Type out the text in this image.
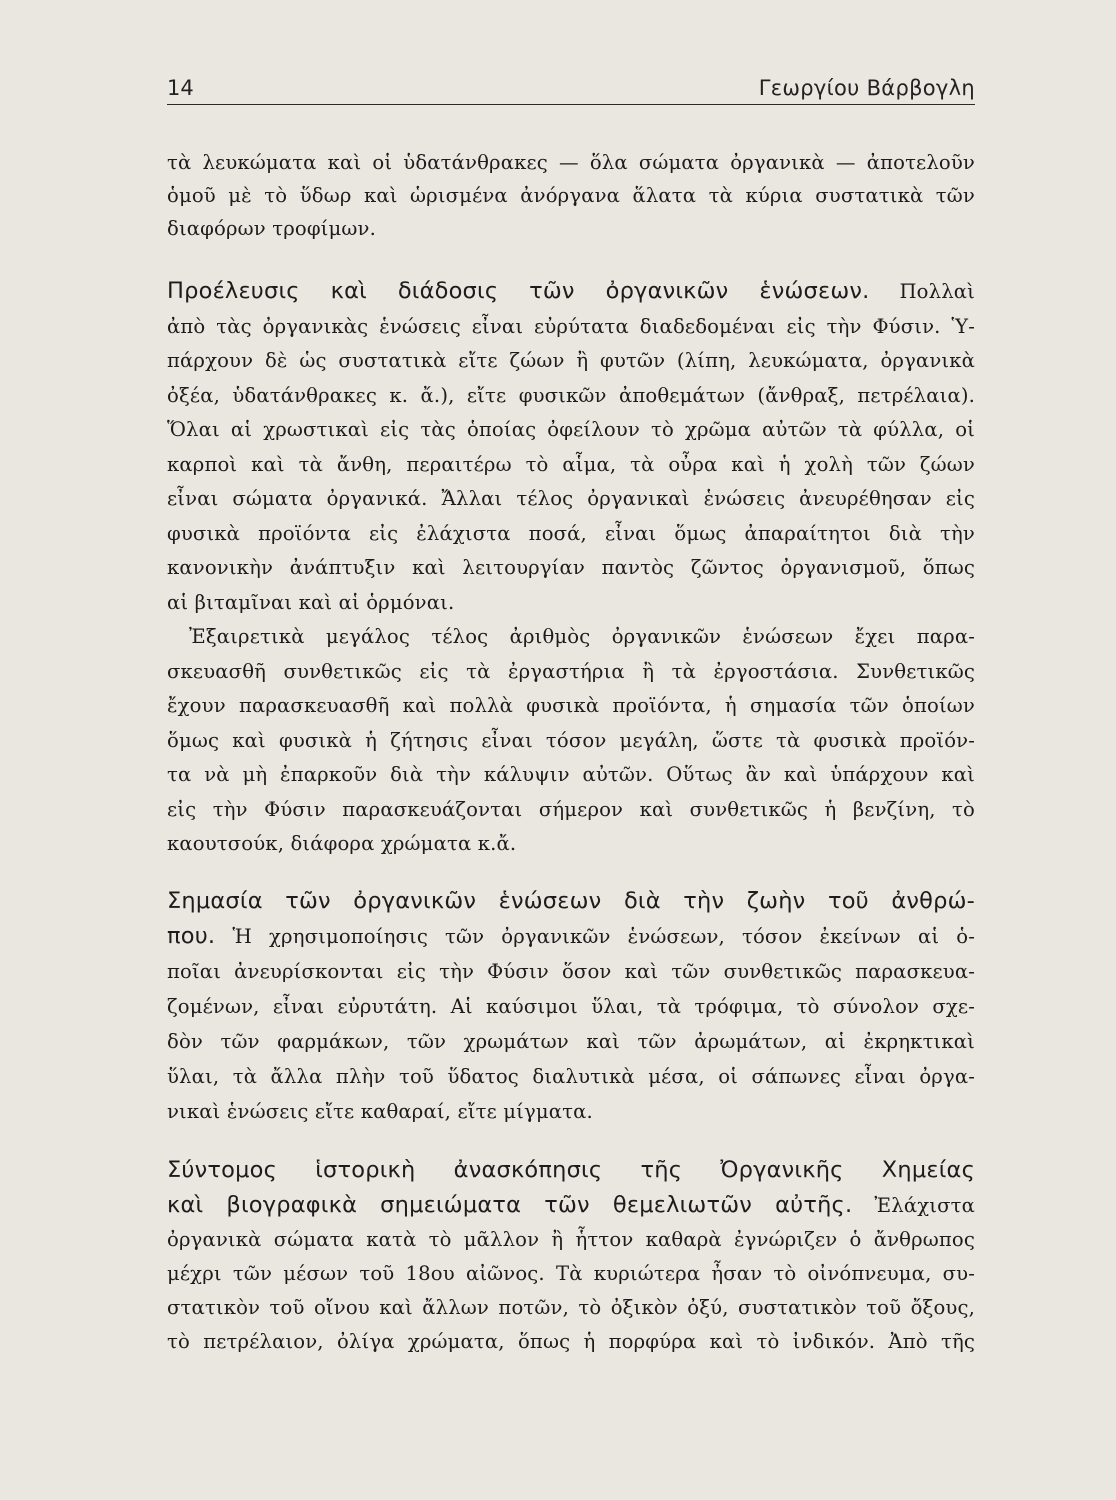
14	Γεωργίου Βάρβογλη
τὰ λευκώματα καὶ οἱ ὑδατάνθρακες — ὅλα σώματα ὀργανικὰ — ἀποτελοῦν
ὁμοῦ μὲ τὸ ὕδωρ καὶ ὡρισμένα ἀνόργανα ἅλατα τὰ κύρια συστατικὰ τῶν
διαφόρων τροφίμων.
Προέλευσις καὶ διάδοσις τῶν ὀργανικῶν ἑνώσεων. Πολλαὶ
ἀπὸ τὰς ὀργανικὰς ἑνώσεις εἶναι εὐρύτατα διαδεδομέναι εἰς τὴν Φύσιν. Ὑ-
πάρχουν δὲ ὡς συστατικὰ εἴτε ζώων ἢ φυτῶν (λίπη, λευκώματα, ὀργανικὰ
ὀξέα, ὑδατάνθρακες κ. ἄ.), εἴτε φυσικῶν ἀποθεμάτων (ἄνθραξ, πετρέλαια).
Ὅλαι αἱ χρωστικαὶ εἰς τὰς ὁποίας ὀφείλουν τὸ χρῶμα αὐτῶν τὰ φύλλα, οἱ
καρποὶ καὶ τὰ ἄνθη, περαιτέρω τὸ αἷμα, τὰ οὖρα καὶ ἡ χολὴ τῶν ζώων
εἶναι σώματα ὀργανικά. Ἄλλαι τέλος ὀργανικαὶ ἑνώσεις ἀνευρέθησαν εἰς
φυσικὰ προϊόντα εἰς ἐλάχιστα ποσά, εἶναι ὅμως ἀπαραίτητοι διὰ τὴν
κανονικὴν ἀνάπτυξιν καὶ λειτουργίαν παντὸς ζῶντος ὀργανισμοῦ, ὅπως
αἱ βιταμῖναι καὶ αἱ ὁρμόναι.
Ἐξαιρετικὰ μεγάλος τέλος ἀριθμὸς ὀργανικῶν ἑνώσεων ἔχει παρα-
σκευασθῆ συνθετικῶς εἰς τὰ ἐργαστήρια ἢ τὰ ἐργοστάσια. Συνθετικῶς
ἔχουν παρασκευασθῆ καὶ πολλὰ φυσικὰ προϊόντα, ἡ σημασία τῶν ὁποίων
ὅμως καὶ φυσικὰ ἡ ζήτησις εἶναι τόσον μεγάλη, ὥστε τὰ φυσικὰ προϊόν-
τα νὰ μὴ ἐπαρκοῦν διὰ τὴν κάλυψιν αὐτῶν. Οὕτως ἂν καὶ ὑπάρχουν καὶ
εἰς τὴν Φύσιν παρασκευάζονται σήμερον καὶ συνθετικῶς ἡ βενζίνη, τὸ
καουτσούκ, διάφορα χρώματα κ.ἄ.
Σημασία τῶν ὀργανικῶν ἑνώσεων διὰ τὴν ζωὴν τοῦ ἀνθρώ-
που. Ἡ χρησιμοποίησις τῶν ὀργανικῶν ἑνώσεων, τόσον ἐκείνων αἱ ὁ-
ποῖαι ἀνευρίσκονται εἰς τὴν Φύσιν ὅσον καὶ τῶν συνθετικῶς παρασκευα-
ζομένων, εἶναι εὐρυτάτη. Αἱ καύσιμοι ὕλαι, τὰ τρόφιμα, τὸ σύνολον σχε-
δὸν τῶν φαρμάκων, τῶν χρωμάτων καὶ τῶν ἀρωμάτων, αἱ ἐκρηκτικαὶ
ὕλαι, τὰ ἄλλα πλὴν τοῦ ὕδατος διαλυτικὰ μέσα, οἱ σάπωνες εἶναι ὀργα-
νικαὶ ἑνώσεις εἴτε καθαραί, εἴτε μίγματα.
Σύντομος ἱστορικὴ ἀνασκόπησις τῆς Ὀργανικῆς Χημείας
καὶ βιογραφικὰ σημειώματα τῶν θεμελιωτῶν αὐτῆς. Ἐλάχιστα
ὀργανικὰ σώματα κατὰ τὸ μᾶλλον ἢ ἧττον καθαρὰ ἐγνώριζεν ὁ ἄνθρωπος
μέχρι τῶν μέσων τοῦ 18ου αἰῶνος. Τὰ κυριώτερα ἦσαν τὸ οἰνόπνευμα, συ-
στατικὸν τοῦ οἴνου καὶ ἄλλων ποτῶν, τὸ ὀξικὸν ὀξύ, συστατικὸν τοῦ ὄξους,
τὸ πετρέλαιον, ὀλίγα χρώματα, ὅπως ἡ πορφύρα καὶ τὸ ἰνδικόν. Ἀπὸ τῆς
